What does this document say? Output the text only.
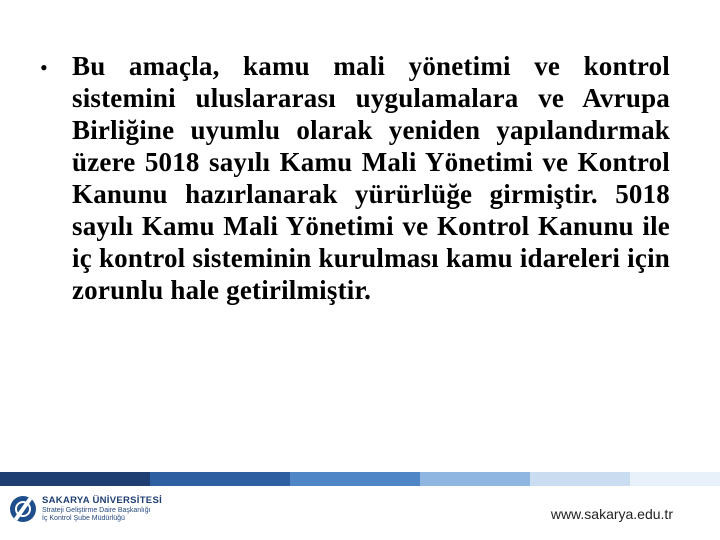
• Bu amaçla, kamu mali yönetimi ve kontrol sistemini uluslararası uygulamalara ve Avrupa Birliğine uyumlu olarak yeniden yapılandırmak üzere 5018 sayılı Kamu Mali Yönetimi ve Kontrol Kanunu hazırlanarak yürürlüğe girmiştir. 5018 sayılı Kamu Mali Yönetimi ve Kontrol Kanunu ile iç kontrol sisteminin kurulması kamu idareleri için zorunlu hale getirilmiştir.
SAKARYA ÜNİVERSİTESİ
Strateji Geliştirme Daire Başkanlığı
İç Kontrol Şube Müdürlüğü	www.sakarya.edu.tr
